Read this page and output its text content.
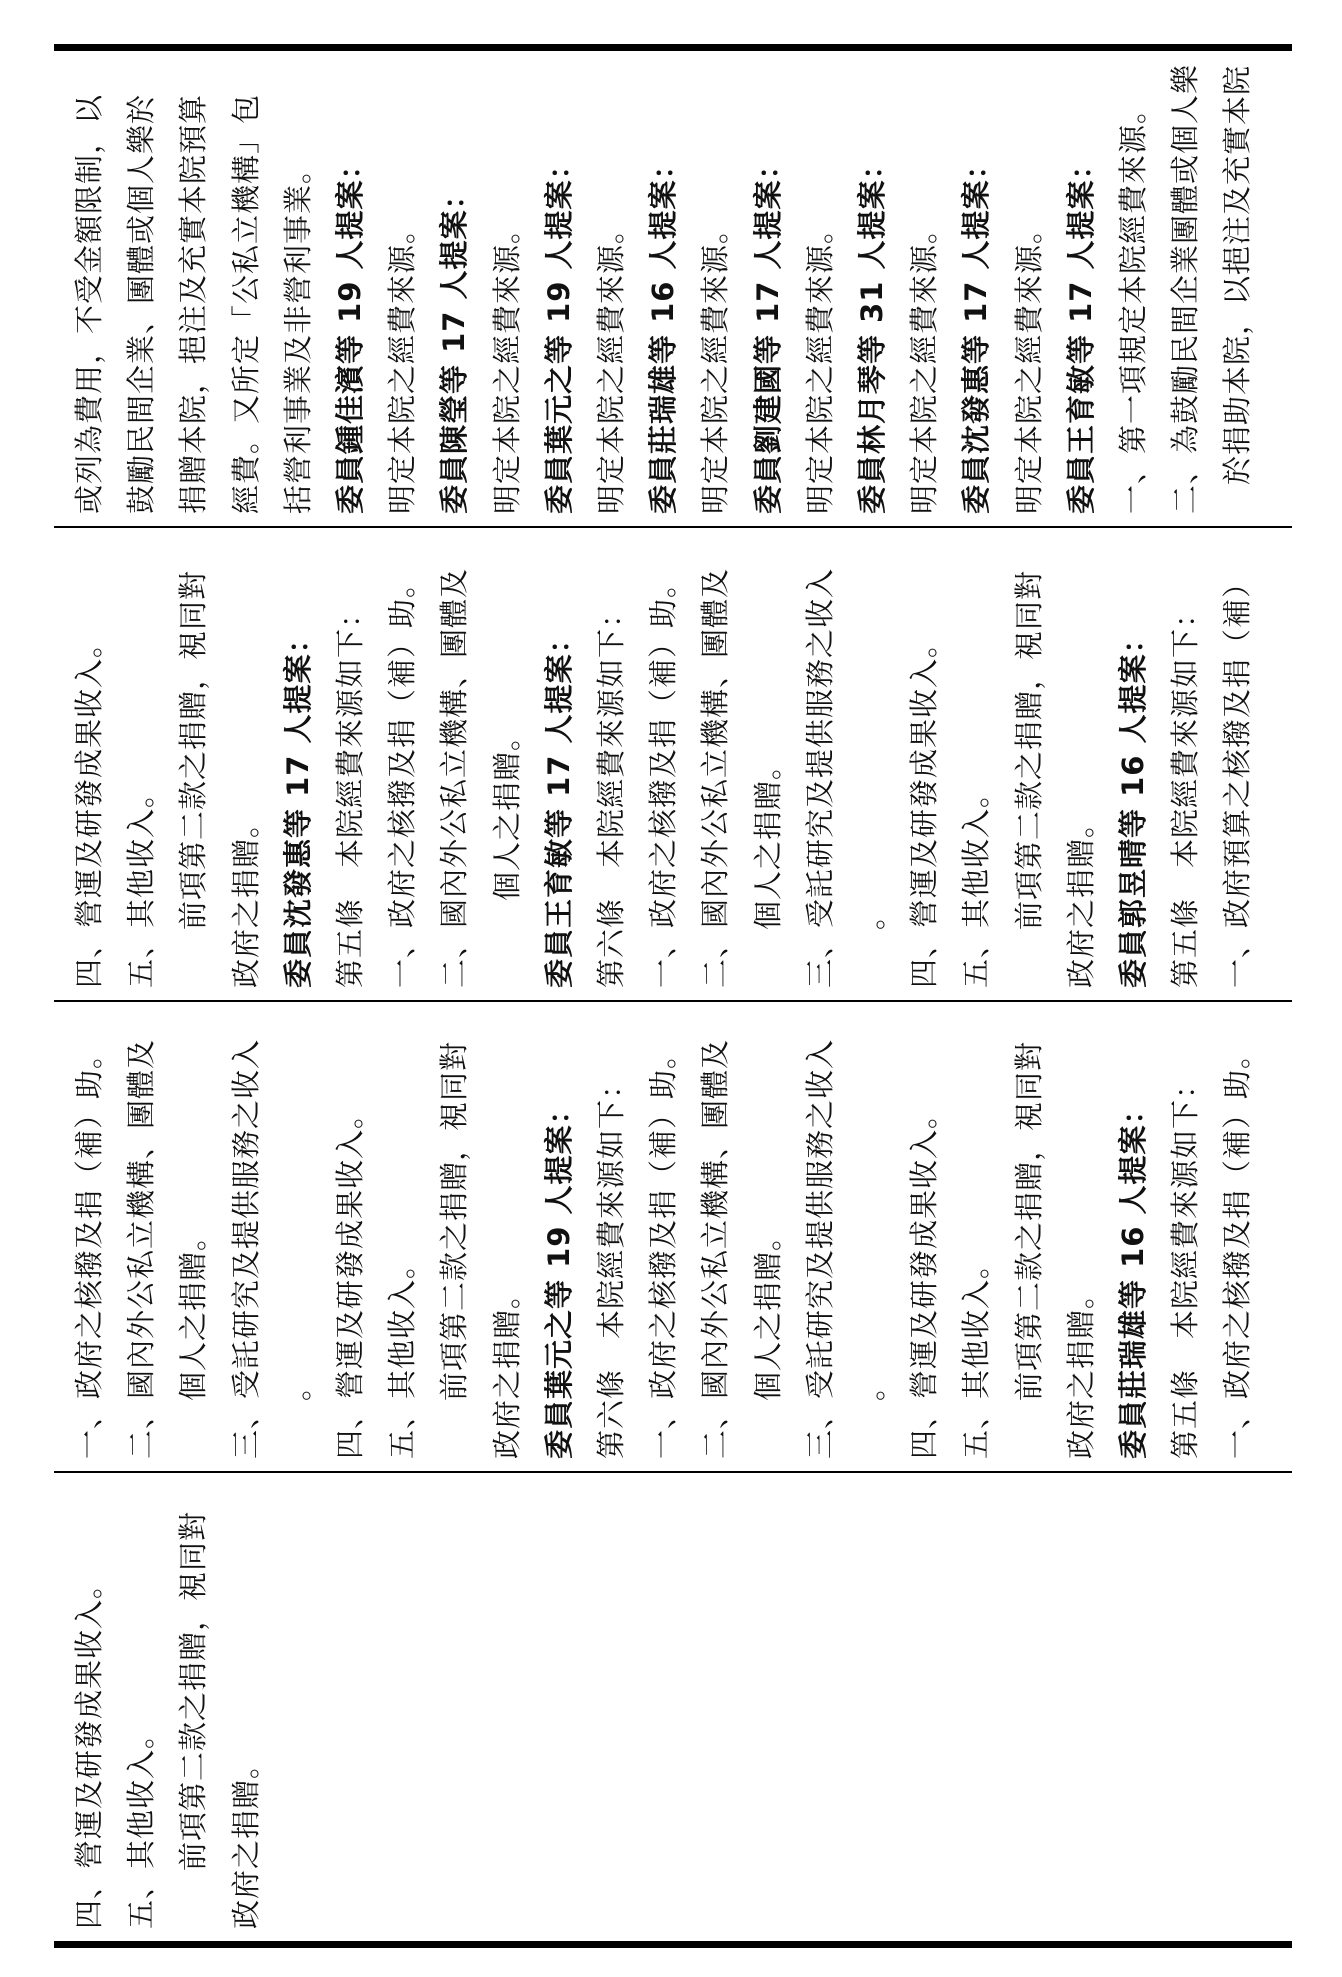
或列為費用，不受金額限制，以 鼓勵民間企業、團體或個人樂於 捐贈本院，挹注及充實本院預算 經費。又所定「公私立機構」包 括營利事業及非營利事業。 委員鍾佳濱等 19 人提案： 明定本院之經費來源。 委員陳瑩等 17 人提案： 明定本院之經費來源。 委員葉元之等 19 人提案： 明定本院之經費來源。 委員莊瑞雄等 16 人提案： 明定本院之經費來源。 委員劉建國等 17 人提案： 明定本院之經費來源。 委員林月琴等 31 人提案： 明定本院之經費來源。 委員沈發惠等 17 人提案： 明定本院之經費來源。 委員王育敏等 17 人提案： 一、第一項規定本院經費來源。 二、為鼓勵民間企業團體或個人樂 於捐助本院，以挹注及充實本院
四、營運及研發成果收入。 五、其他收入。 前項第二款之捐贈，視同對 政府之捐贈。 委員沈發惠等 17 人提案： 第五條　本院經費來源如下： 一、政府之核撥及捐（補）助。 二、國內外公私立機構、團體及 個人之捐贈。 委員王育敏等 17 人提案： 第六條　本院經費來源如下： 一、政府之核撥及捐（補）助。 二、國內外公私立機構、團體及 個人之捐贈。 三、受託研究及提供服務之收入 。 四、營運及研發成果收入。 五、其他收入。 前項第二款之捐贈，視同對 政府之捐贈。 委員郭昱晴等 16 人提案： 第五條　本院經費來源如下： 一、政府預算之核撥及捐（補）
一、政府之核撥及捐（補）助。 二、國內外公私立機構、團體及 個人之捐贈。 三、受託研究及提供服務之收入 。 四、營運及研發成果收入。 五、其他收入。 前項第二款之捐贈，視同對 政府之捐贈。 委員葉元之等 19 人提案： 第六條　本院經費來源如下： 一、政府之核撥及捐（補）助。 二、國內外公私立機構、團體及 個人之捐贈。 三、受託研究及提供服務之收入 。 四、營運及研發成果收入。 五、其他收入。 前項第二款之捐贈，視同對 政府之捐贈。 委員莊瑞雄等 16 人提案： 第五條　本院經費來源如下： 一、政府之核撥及捐（補）助。
四、營運及研發成果收入。 五、其他收入。 前項第二款之捐贈，視同對 政府之捐贈。
